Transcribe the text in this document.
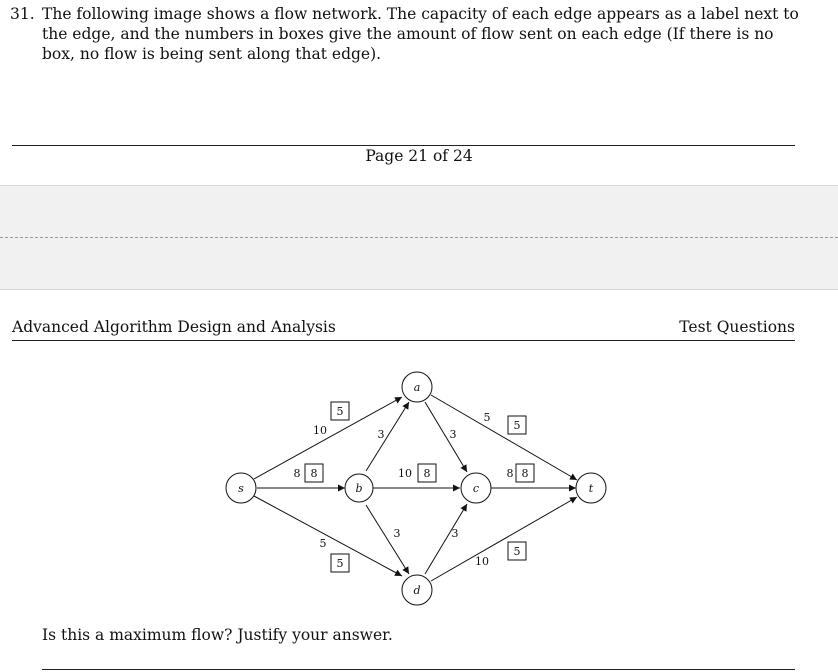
31. The following image shows a flow network. The capacity of each edge appears as a label next to the edge, and the numbers in boxes give the amount of flow sent on each edge (If there is no box, no flow is being sent along that edge).
Page 21 of 24
Advanced Algorithm Design and Analysis	Test Questions
s
a
b	c
d
t
10
8
5
3
10
3
3
5
3
8
10
5
8
5
8
5
8
5
Is this a maximum flow? Justify your answer.
